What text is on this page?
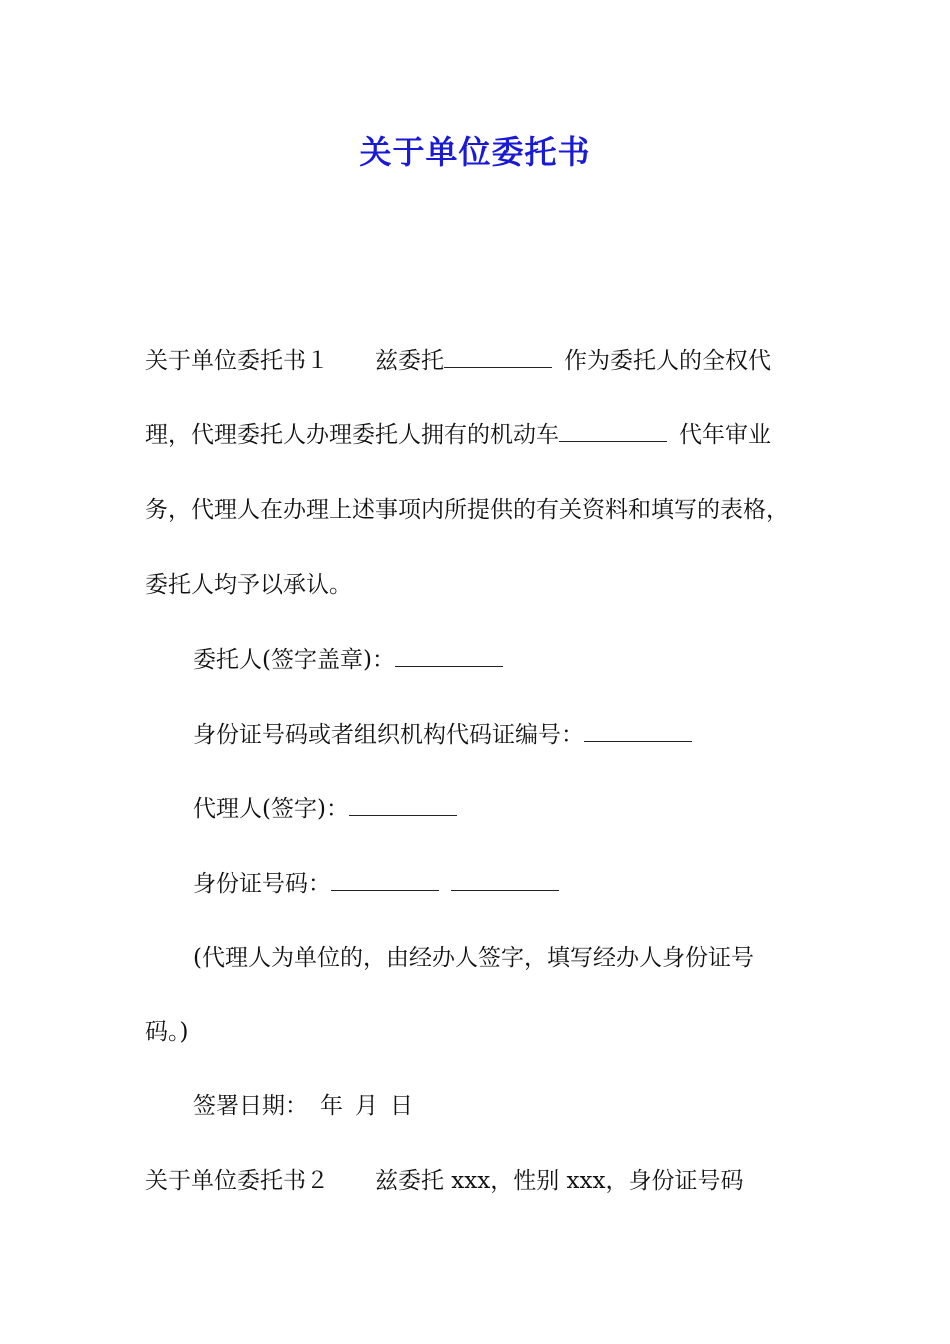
关于单位委托书
关于单位委托书１ 兹委托	作为委托人的全权代
理，代理委托人办理委托人拥有的机动车	代年审业
务，代理人在办理上述事项内所提供的有关资料和填写的表格，
委托人均予以承认。
委托人(签字盖章)：
身份证号码或者组织机构代码证编号：
代理人(签字)：
身份证号码：
(代理人为单位的，由经办人签字，填写经办人身份证号
码。)
签署日期： 年 月 日
关于单位委托书２ 兹委托 xxx，性别 xxx，身份证号码
